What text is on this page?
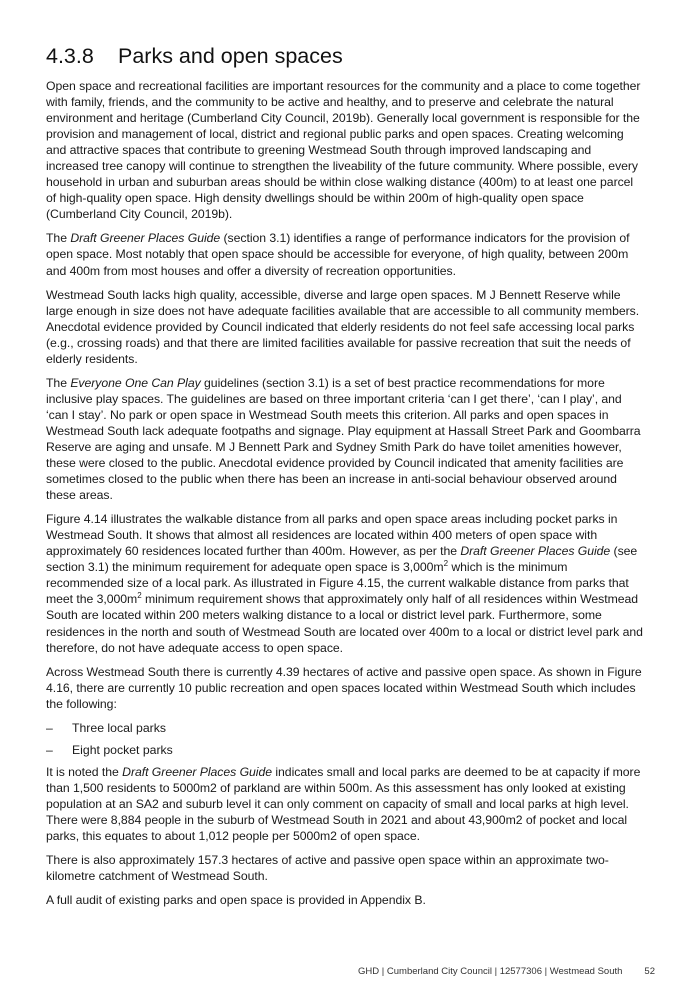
4.3.8	Parks and open spaces

Open space and recreational facilities are important resources for the community and a place to come together with family, friends, and the community to be active and healthy, and to preserve and celebrate the natural environment and heritage (Cumberland City Council, 2019b). Generally local government is responsible for the provision and management of local, district and regional public parks and open spaces. Creating welcoming and attractive spaces that contribute to greening Westmead South through improved landscaping and increased tree canopy will continue to strengthen the liveability of the future community. Where possible, every household in urban and suburban areas should be within close walking distance (400m) to at least one parcel of high-quality open space. High density dwellings should be within 200m of high-quality open space (Cumberland City Council, 2019b).

The Draft Greener Places Guide (section 3.1) identifies a range of performance indicators for the provision of open space. Most notably that open space should be accessible for everyone, of high quality, between 200m and 400m from most houses and offer a diversity of recreation opportunities.

Westmead South lacks high quality, accessible, diverse and large open spaces. M J Bennett Reserve while large enough in size does not have adequate facilities available that are accessible to all community members. Anecdotal evidence provided by Council indicated that elderly residents do not feel safe accessing local parks (e.g., crossing roads) and that there are limited facilities available for passive recreation that suit the needs of elderly residents.

The Everyone One Can Play guidelines (section 3.1) is a set of best practice recommendations for more inclusive play spaces. The guidelines are based on three important criteria ‘can I get there’, ‘can I play’, and ‘can I stay’. No park or open space in Westmead South meets this criterion. All parks and open spaces in Westmead South lack adequate footpaths and signage. Play equipment at Hassall Street Park and Goombarra Reserve are aging and unsafe. M J Bennett Park and Sydney Smith Park do have toilet amenities however, these were closed to the public. Anecdotal evidence provided by Council indicated that amenity facilities are sometimes closed to the public when there has been an increase in anti-social behaviour observed around these areas.

Figure 4.14 illustrates the walkable distance from all parks and open space areas including pocket parks in Westmead South. It shows that almost all residences are located within 400 meters of open space with approximately 60 residences located further than 400m. However, as per the Draft Greener Places Guide (see section 3.1) the minimum requirement for adequate open space is $3,000m^2$ which is the minimum recommended size of a local park. As illustrated in Figure 4.15, the current walkable distance from parks that meet the $3,000m^2$ minimum requirement shows that approximately only half of all residences within Westmead South are located within 200 meters walking distance to a local or district level park. Furthermore, some residences in the north and south of Westmead South are located over 400m to a local or district level park and therefore, do not have adequate access to open space.

Across Westmead South there is currently 4.39 hectares of active and passive open space. As shown in Figure 4.16, there are currently 10 public recreation and open spaces located within Westmead South which includes the following:

–	Three local parks
–	Eight pocket parks

It is noted the Draft Greener Places Guide indicates small and local parks are deemed to be at capacity if more than 1,500 residents to 5000m2 of parkland are within 500m. As this assessment has only looked at existing population at an SA2 and suburb level it can only comment on capacity of small and local parks at high level. There were 8,884 people in the suburb of Westmead South in 2021 and about 43,900m2 of pocket and local parks, this equates to about 1,012 people per 5000m2 of open space.

There is also approximately 157.3 hectares of active and passive open space within an approximate two-kilometre catchment of Westmead South.

A full audit of existing parks and open space is provided in Appendix B.

GHD | Cumberland City Council | 12577306 | Westmead South 52
